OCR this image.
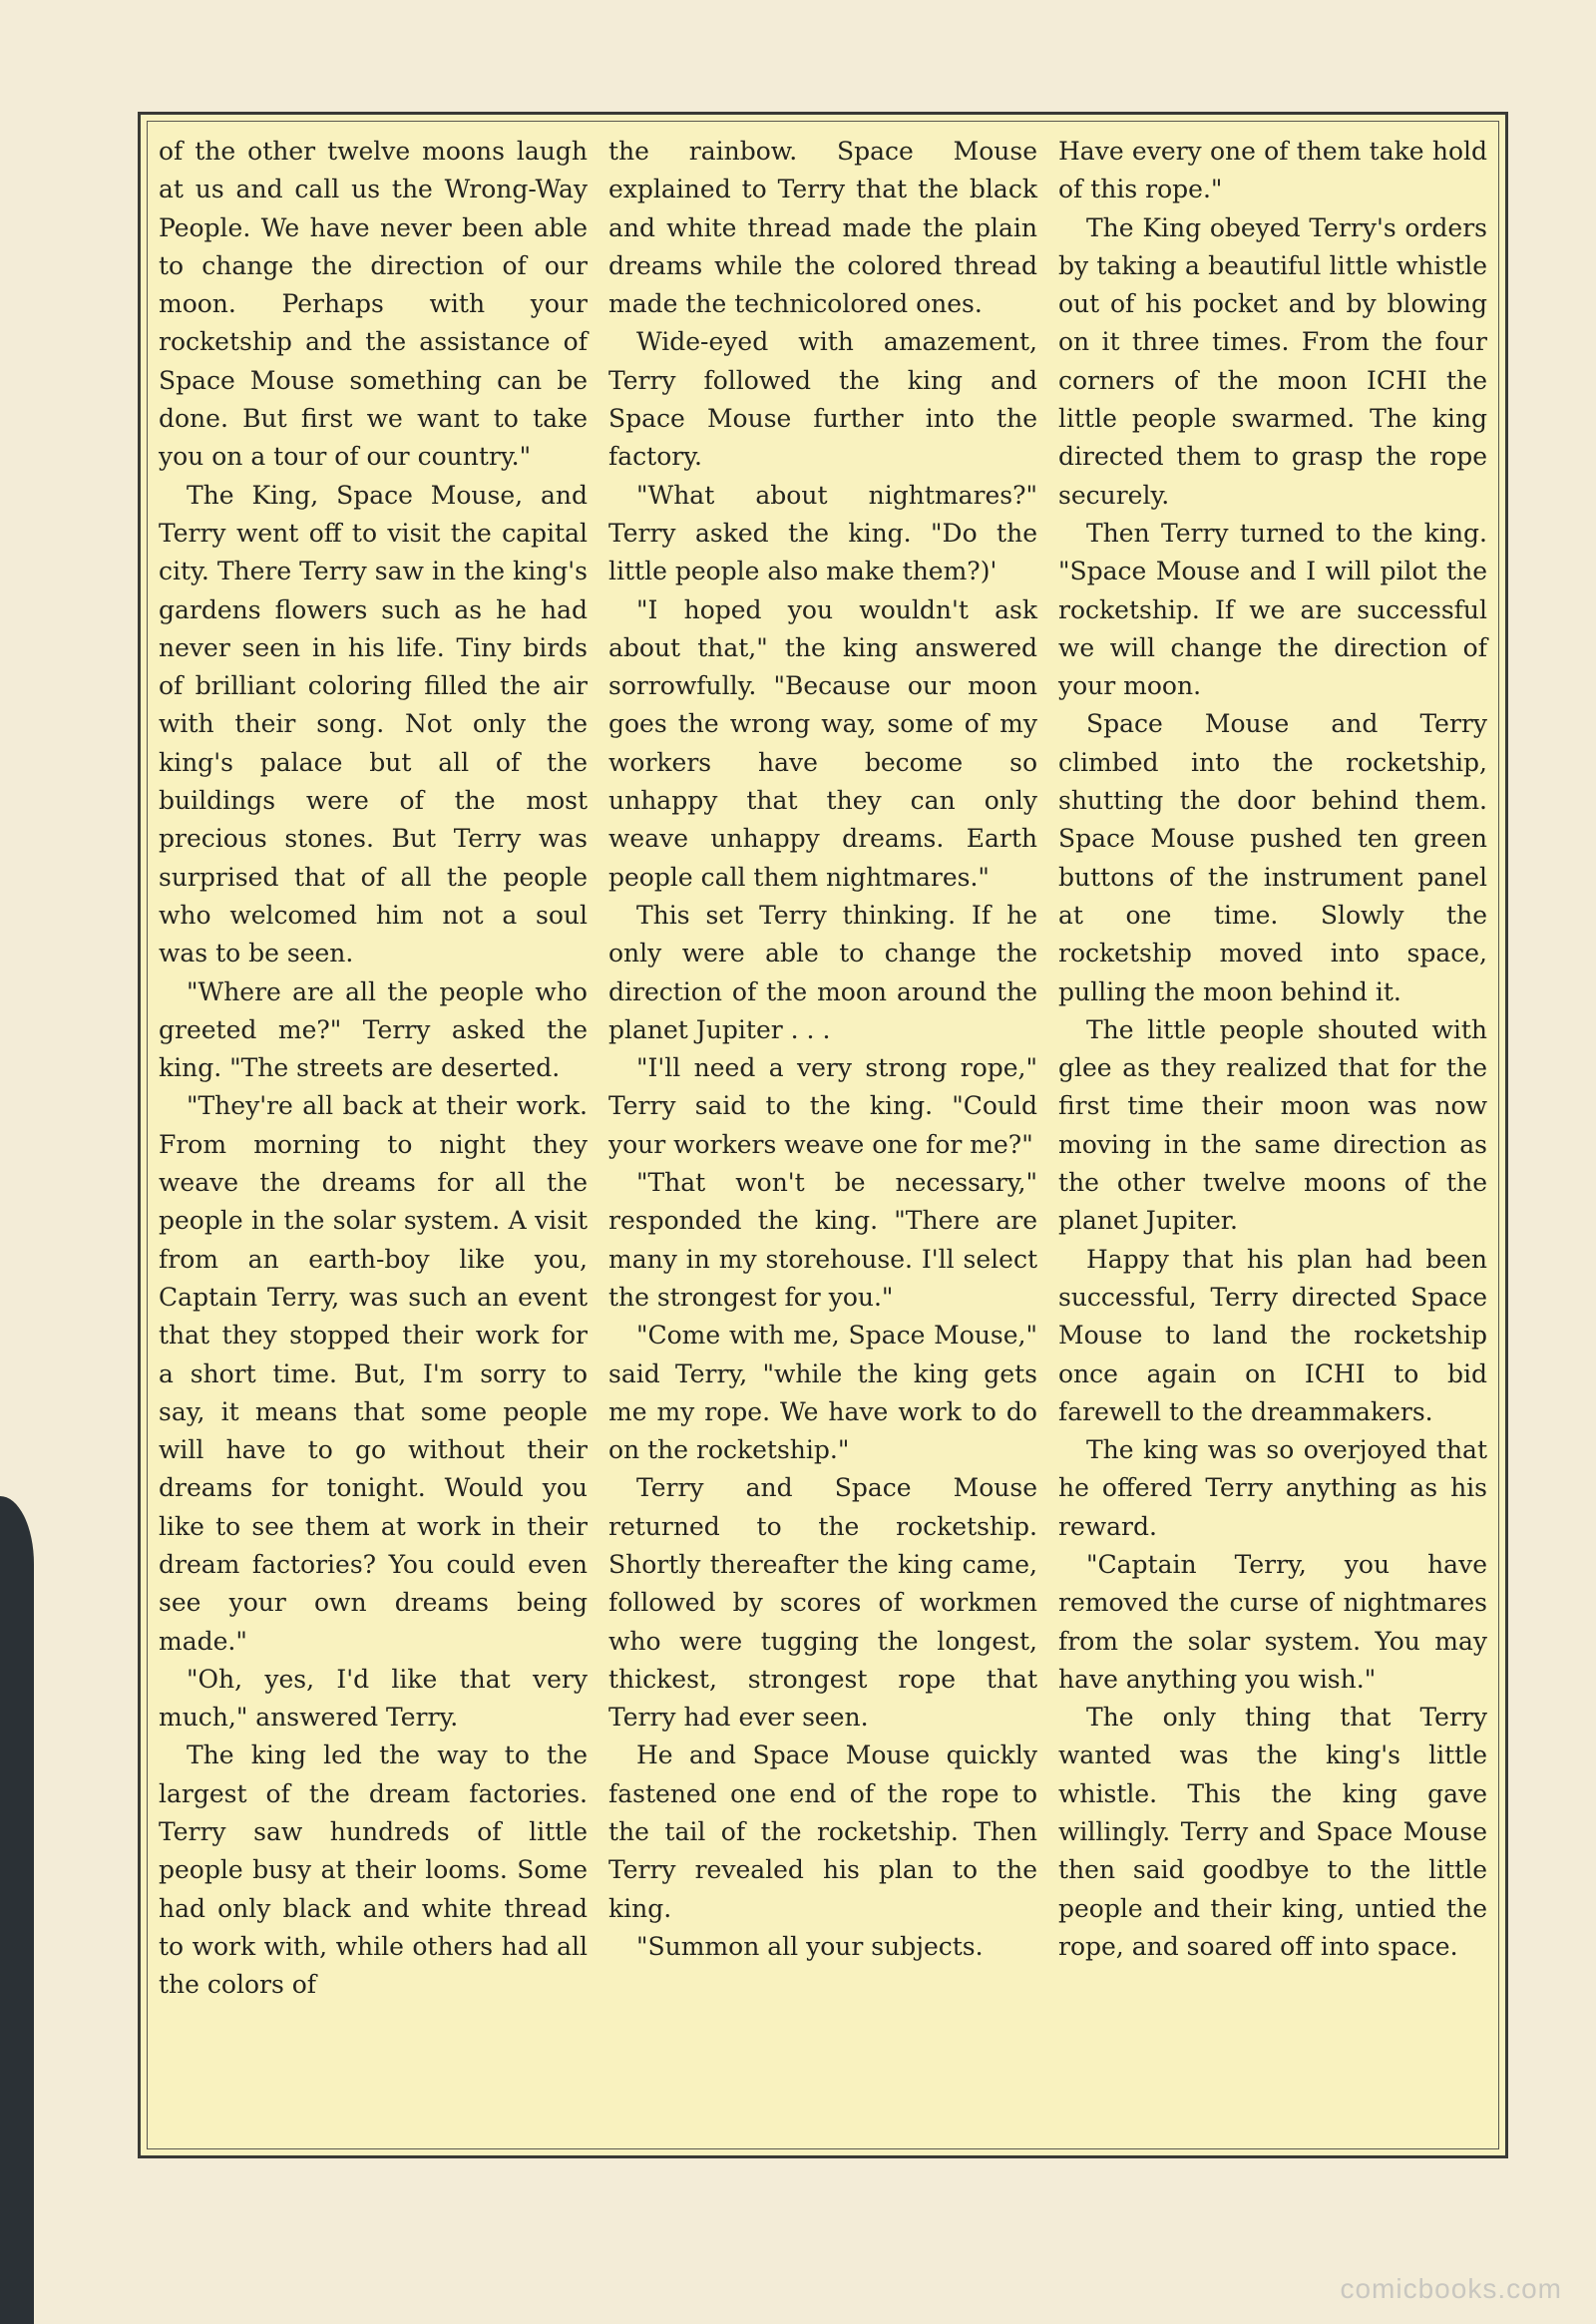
of the other twelve moons laugh at us and call us the Wrong-Way People. We have never been able to change the direction of our moon. Perhaps with your rocketship and the assistance of Space Mouse something can be done. But first we want to take you on a tour of our country."

The King, Space Mouse, and Terry went off to visit the capital city. There Terry saw in the king's gardens flowers such as he had never seen in his life. Tiny birds of brilliant coloring filled the air with their song. Not only the king's palace but all of the buildings were of the most precious stones. But Terry was surprised that of all the people who welcomed him not a soul was to be seen.

"Where are all the people who greeted me?" Terry asked the king. "The streets are deserted.

"They're all back at their work. From morning to night they weave the dreams for all the people in the solar system. A visit from an earth-boy like you, Captain Terry, was such an event that they stopped their work for a short time. But, I'm sorry to say, it means that some people will have to go without their dreams for tonight. Would you like to see them at work in their dream factories? You could even see your own dreams being made."

"Oh, yes, I'd like that very much," answered Terry.

The king led the way to the largest of the dream factories. Terry saw hundreds of little people busy at their looms. Some had only black and white thread to work with, while others had all the colors of

the rainbow. Space Mouse explained to Terry that the black and white thread made the plain dreams while the colored thread made the technicolored ones.

Wide-eyed with amazement, Terry followed the king and Space Mouse further into the factory.

"What about nightmares?" Terry asked the king. "Do the little people also make them?)'

"I hoped you wouldn't ask about that," the king answered sorrowfully. "Because our moon goes the wrong way, some of my workers have become so unhappy that they can only weave unhappy dreams. Earth people call them nightmares."

This set Terry thinking. If he only were able to change the direction of the moon around the planet Jupiter . . .

"I'll need a very strong rope," Terry said to the king. "Could your workers weave one for me?"

"That won't be necessary," responded the king. "There are many in my storehouse. I'll select the strongest for you."

"Come with me, Space Mouse," said Terry, "while the king gets me my rope. We have work to do on the rocketship."

Terry and Space Mouse returned to the rocketship. Shortly thereafter the king came, followed by scores of workmen who were tugging the longest, thickest, strongest rope that Terry had ever seen.

He and Space Mouse quickly fastened one end of the rope to the tail of the rocketship. Then Terry revealed his plan to the king.

"Summon all your subjects.

Have every one of them take hold of this rope."

The King obeyed Terry's orders by taking a beautiful little whistle out of his pocket and by blowing on it three times. From the four corners of the moon ICHI the little people swarmed. The king directed them to grasp the rope securely.

Then Terry turned to the king. "Space Mouse and I will pilot the rocketship. If we are successful we will change the direction of your moon.

Space Mouse and Terry climbed into the rocketship, shutting the door behind them. Space Mouse pushed ten green buttons of the instrument panel at one time. Slowly the rocketship moved into space, pulling the moon behind it.

The little people shouted with glee as they realized that for the first time their moon was now moving in the same direction as the other twelve moons of the planet Jupiter.

Happy that his plan had been successful, Terry directed Space Mouse to land the rocketship once again on ICHI to bid farewell to the dreammakers.

The king was so overjoyed that he offered Terry anything as his reward.

"Captain Terry, you have removed the curse of nightmares from the solar system. You may have anything you wish."

The only thing that Terry wanted was the king's little whistle. This the king gave willingly. Terry and Space Mouse then said goodbye to the little people and their king, untied the rope, and soared off into space.

comicbooks.com
